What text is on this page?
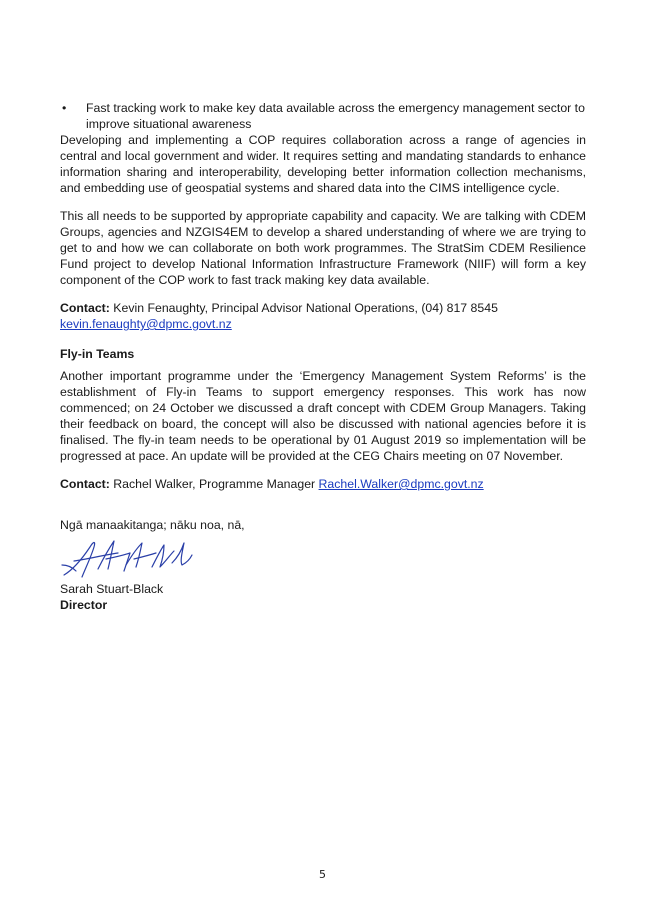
•	Fast tracking work to make key data available across the emergency management sector to improve situational awareness

Developing and implementing a COP requires collaboration across a range of agencies in central and local government and wider. It requires setting and mandating standards to enhance information sharing and interoperability, developing better information collection mechanisms, and embedding use of geospatial systems and shared data into the CIMS intelligence cycle.

This all needs to be supported by appropriate capability and capacity. We are talking with CDEM Groups, agencies and NZGIS4EM to develop a shared understanding of where we are trying to get to and how we can collaborate on both work programmes. The StratSim CDEM Resilience Fund project to develop National Information Infrastructure Framework (NIIF) will form a key component of the COP work to fast track making key data available.

Contact: Kevin Fenaughty, Principal Advisor National Operations, (04) 817 8545
kevin.fenaughty@dpmc.govt.nz
Fly-in Teams

Another important programme under the ‘Emergency Management System Reforms’ is the establishment of Fly-in Teams to support emergency responses. This work has now commenced; on 24 October we discussed a draft concept with CDEM Group Managers. Taking their feedback on board, the concept will also be discussed with national agencies before it is finalised. The fly-in team needs to be operational by 01 August 2019 so implementation will be progressed at pace. An update will be provided at the CEG Chairs meeting on 07 November.

Contact: Rachel Walker, Programme Manager Rachel.Walker@dpmc.govt.nz
Ngā manaakitanga; nāku noa, nā,
Sarah Stuart-Black
Director
5
